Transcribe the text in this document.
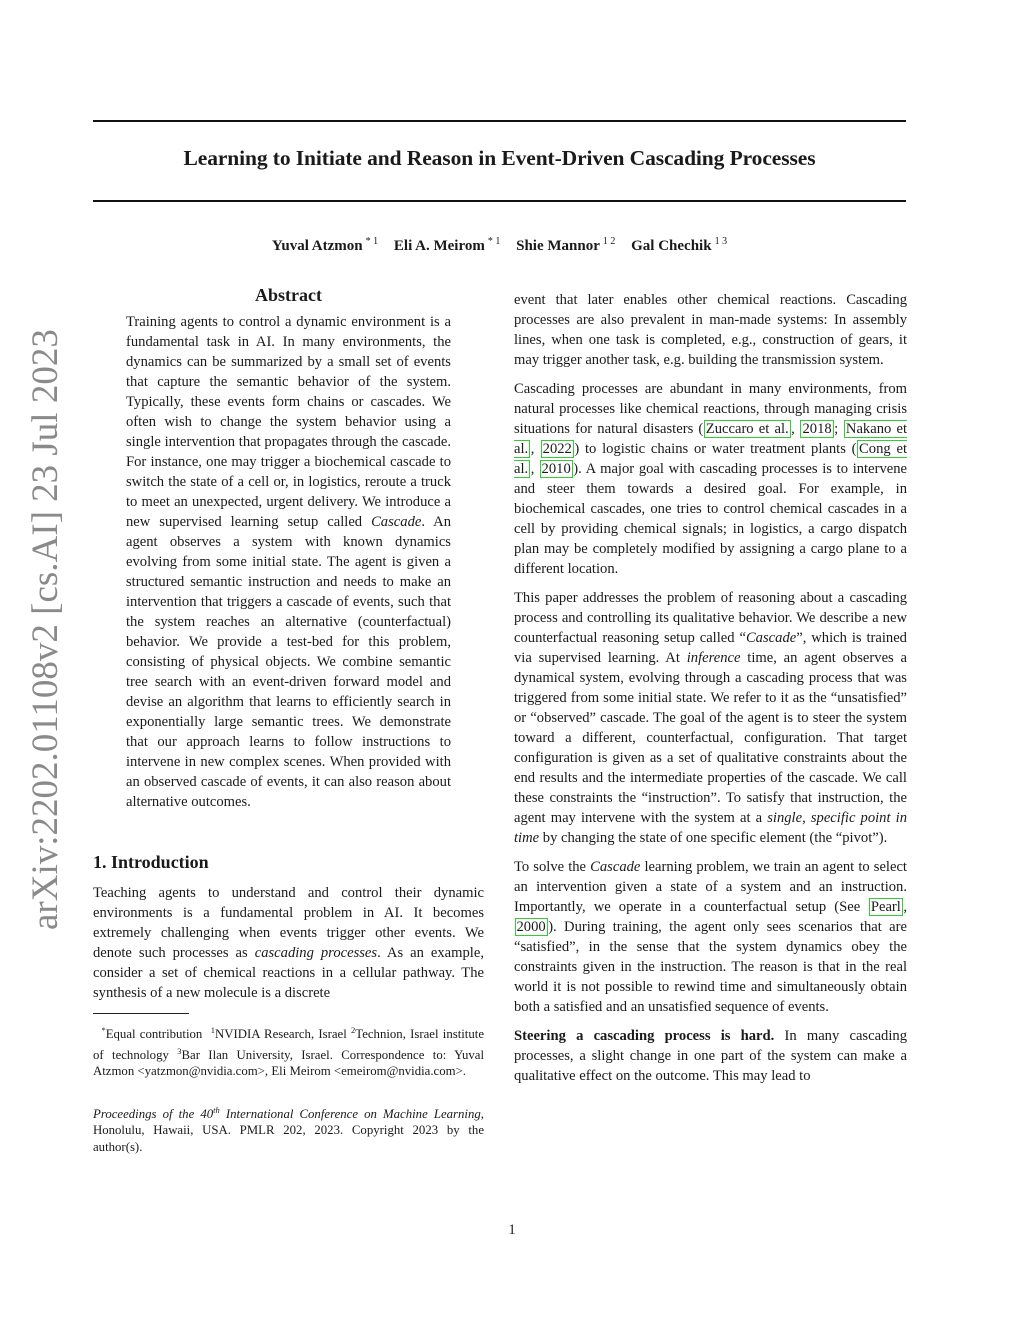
Learning to Initiate and Reason in Event-Driven Cascading Processes
Yuval Atzmon $^{* 1}$ Eli A. Meirom $^{* 1}$ Shie Mannor $^{1 2}$ Gal Chechik $^{1 3}$
arXiv:2202.01108v2 [cs.AI] 23 Jul 2023
Abstract
Training agents to control a dynamic environment is a fundamental task in AI. In many environments, the dynamics can be summarized by a small set of events that capture the semantic behavior of the system. Typically, these events form chains or cascades. We often wish to change the system behavior using a single intervention that propagates through the cascade. For instance, one may trigger a biochemical cascade to switch the state of a cell or, in logistics, reroute a truck to meet an unexpected, urgent delivery. We introduce a new supervised learning setup called Cascade. An agent observes a system with known dynamics evolving from some initial state. The agent is given a structured semantic instruction and needs to make an intervention that triggers a cascade of events, such that the system reaches an alternative (counterfactual) behavior. We provide a test-bed for this problem, consisting of physical objects. We combine semantic tree search with an event-driven forward model and devise an algorithm that learns to efficiently search in exponentially large semantic trees. We demonstrate that our approach learns to follow instructions to intervene in new complex scenes. When provided with an observed cascade of events, it can also reason about alternative outcomes.
1. Introduction

Teaching agents to understand and control their dynamic environments is a fundamental problem in AI. It becomes extremely challenging when events trigger other events. We denote such processes as cascading processes. As an example, consider a set of chemical reactions in a cellular pathway. The synthesis of a new molecule is a discrete

*Equal contribution  $^1$NVIDIA Research, Israel $^2$Technion, Israel institute of technology $^3$Bar Ilan University, Israel. Correspondence to: Yuval Atzmon <yatzmon@nvidia.com>, Eli Meirom <emeirom@nvidia.com>.
Proceedings of the 40th International Conference on Machine Learning, Honolulu, Hawaii, USA. PMLR 202, 2023. Copyright 2023 by the author(s).

event that later enables other chemical reactions. Cascading processes are also prevalent in man-made systems: In assembly lines, when one task is completed, e.g., construction of gears, it may trigger another task, e.g. building the transmission system.

Cascading processes are abundant in many environments, from natural processes like chemical reactions, through managing crisis situations for natural disasters ( Zuccaro et al. , 2018 ; Nakano et al. , 2022 ) to logistic chains or water treatment plants ( Cong et al. , 2010 ). A major goal with cascading processes is to intervene and steer them towards a desired goal. For example, in biochemical cascades, one tries to control chemical cascades in a cell by providing chemical signals; in logistics, a cargo dispatch plan may be completely modified by assigning a cargo plane to a different location.

This paper addresses the problem of reasoning about a cascading process and controlling its qualitative behavior. We describe a new counterfactual reasoning setup called “Cascade”, which is trained via supervised learning. At inference time, an agent observes a dynamical system, evolving through a cascading process that was triggered from some initial state. We refer to it as the “unsatisfied” or “observed” cascade. The goal of the agent is to steer the system toward a different, counterfactual, configuration. That target configuration is given as a set of qualitative constraints about the end results and the intermediate properties of the cascade. We call these constraints the “instruction”. To satisfy that instruction, the agent may intervene with the system at a single, specific point in time by changing the state of one specific element (the “pivot”).

To solve the Cascade learning problem, we train an agent to select an intervention given a state of a system and an instruction. Importantly, we operate in a counterfactual setup (See Pearl , 2000 ). During training, the agent only sees scenarios that are “satisfied”, in the sense that the system dynamics obey the constraints given in the instruction. The reason is that in the real world it is not possible to rewind time and simultaneously obtain both a satisfied and an unsatisfied sequence of events.

Steering a cascading process is hard. In many cascading processes, a slight change in one part of the system can make a qualitative effect on the outcome. This may lead to

1
